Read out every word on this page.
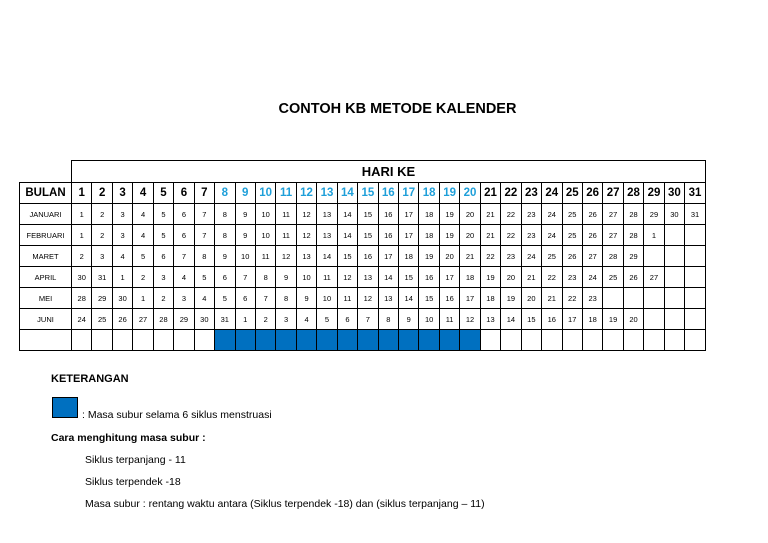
CONTOH KB METODE KALENDER
	HARI KE																														
BULAN	1	2	3	4	5	6	7	8	9	10	11	12	13	14	15	16	17	18	19	20	21	22	23	24	25	26	27	28	29	30	31
JANUARI	1	2	3	4	5	6	7	8	9	10	11	12	13	14	15	16	17	18	19	20	21	22	23	24	25	26	27	28	29	30	31
FEBRUARI	1	2	3	4	5	6	7	8	9	10	11	12	13	14	15	16	17	18	19	20	21	22	23	24	25	26	27	28	1		
MARET	2	3	4	5	6	7	8	9	10	11	12	13	14	15	16	17	18	19	20	21	22	23	24	25	26	27	28	29			
APRIL	30	31	1	2	3	4	5	6	7	8	9	10	11	12	13	14	15	16	17	18	19	20	21	22	23	24	25	26	27		
MEI	28	29	30	1	2	3	4	5	6	7	8	9	10	11	12	13	14	15	16	17	18	19	20	21	22	23					
JUNI	24	25	26	27	28	29	30	31	1	2	3	4	5	6	7	8	9	10	11	12	13	14	15	16	17	18	19	20			

KETERANGAN
: Masa subur selama 6 siklus menstruasi
Cara menghitung masa subur :
Siklus terpanjang - 11
Siklus terpendek -18
Masa subur : rentang waktu antara (Siklus terpendek -18) dan (siklus terpanjang – 11)
